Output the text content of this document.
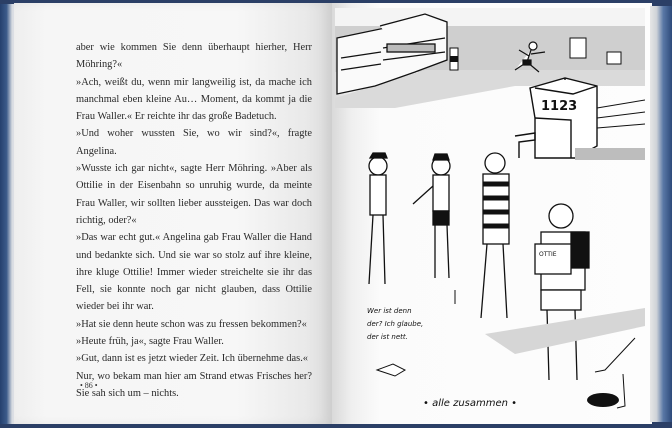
aber wie kommen Sie denn überhaupt hierher, Herr Möhring?«

»Ach, weißt du, wenn mir langweilig ist, da mache ich manchmal eben kleine Au… Moment, da kommt ja die Frau Waller.« Er reichte ihr das große Badetuch.

»Und woher wussten Sie, wo wir sind?«, fragte Angelina.

»Wusste ich gar nicht«, sagte Herr Möhring. »Aber als Ottilie in der Eisenbahn so unruhig wurde, da meinte Frau Waller, wir sollten lieber aussteigen. Das war doch richtig, oder?«

»Das war echt gut.« Angelina gab Frau Waller die Hand und bedankte sich. Und sie war so stolz auf ihre kleine, ihre kluge Ottilie! Immer wieder streichelte sie ihr das Fell, sie konnte noch gar nicht glauben, dass Ottilie wieder bei ihr war.

»Hat sie denn heute schon was zu fressen bekommen?«

»Heute früh, ja«, sagte Frau Waller.

»Gut, dann ist es jetzt wieder Zeit. Ich übernehme das.«

Nur, wo bekam man hier am Strand etwas Frisches her? Sie sah sich um – nichts.

• 86 •
1123
OTTIE
Wer ist denn
der? Ich glaube,
der ist nett.
• alle zusammen •
